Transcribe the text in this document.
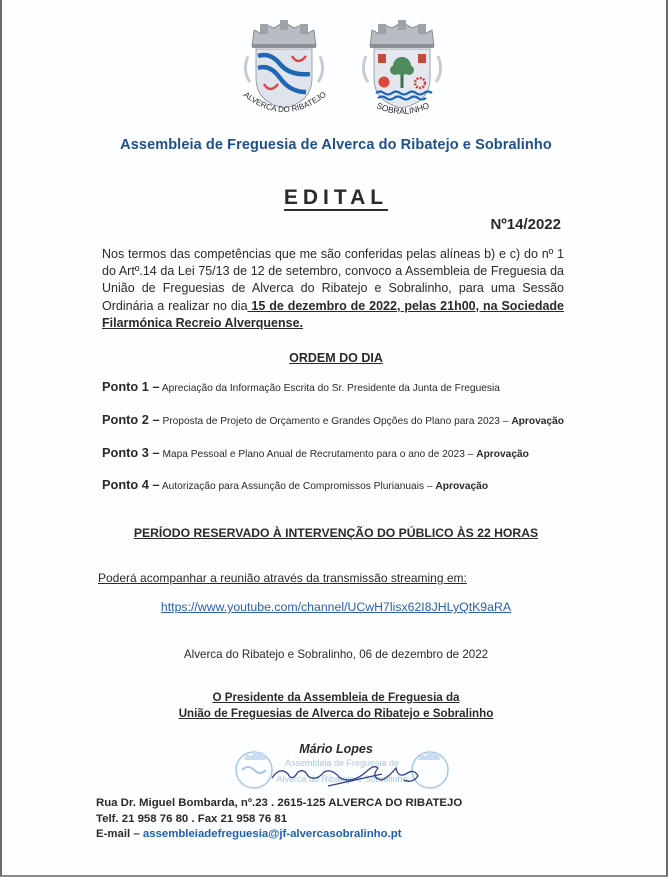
ALVERCA DO RIBATEJO
SOBRALINHO
Assembleia de Freguesia de Alverca do Ribatejo e Sobralinho
EDITAL
Nº14/2022
Nos termos das competências que me são conferidas pelas alíneas b) e c) do nº 1 do Artº.14 da Lei 75/13 de 12 de setembro, convoco a Assembleia de Freguesia da União de Freguesias de Alverca do Ribatejo e Sobralinho, para uma Sessão Ordinária a realizar no dia 15 de dezembro de 2022, pelas 21h00, na Sociedade Filarmónica Recreio Alverquense.
ORDEM DO DIA
Ponto 1 – Apreciação da Informação Escrita do Sr. Presidente da Junta de Freguesia
Ponto 2 – Proposta de Projeto de Orçamento e Grandes Opções do Plano para 2023 – Aprovação
Ponto 3 – Mapa Pessoal e Plano Anual de Recrutamento para o ano de 2023 – Aprovação
Ponto 4 – Autorização para Assunção de Compromissos Plurianuais – Aprovação
PERÍODO RESERVADO À INTERVENÇÃO DO PÚBLICO ÀS 22 HORAS
Poderá acompanhar a reunião através da transmissão streaming em:
https://www.youtube.com/channel/UCwH7lisx62I8JHLyQtK9aRA
Alverca do Ribatejo e Sobralinho, 06 de dezembro de 2022
O Presidente da Assembleia de Freguesia da
União de Freguesias de Alverca do Ribatejo e Sobralinho
Assembleia de Freguesia de
Alverca do Ribatejo e Sobralinho
Mário Lopes
Rua Dr. Miguel Bombarda, nº.23 . 2615-125 ALVERCA DO RIBATEJO
Telf. 21 958 76 80 . Fax 21 958 76 81
E-mail – assembleiadefreguesia@jf-alvercasobralinho.pt
